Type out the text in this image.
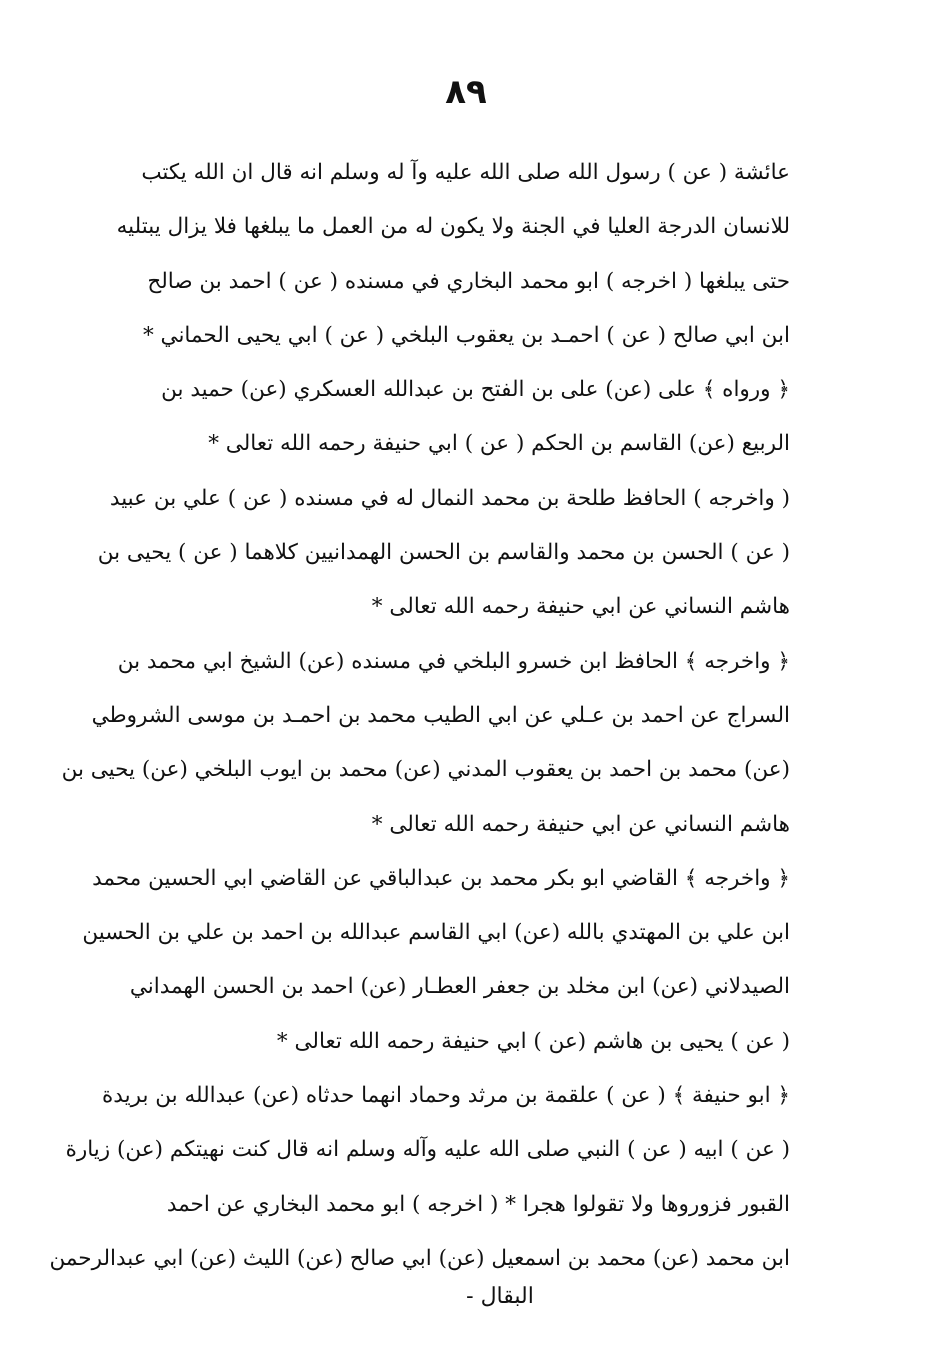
٨٩
عائشة ( عن ) رسول الله صلى الله عليه وآ له وسلم انه قال ان الله يكتب
للانسان الدرجة العليا في الجنة ولا يكون له من العمل ما يبلغها فلا يزال يبتليه
حتى يبلغها ( اخرجه ) ابو محمد البخاري في مسنده ( عن ) احمد بن صالح
ابن ابي صالح ( عن ) احمـد بن يعقوب البلخي ( عن ) ابي يحيى الحماني *
﴿ ورواه ﴾ على (عن) على بن الفتح بن عبدالله العسكري (عن) حميد بن
الربيع (عن) القاسم بن الحكم ( عن ) ابي حنيفة رحمه الله تعالى *
( واخرجه ) الحافظ طلحة بن محمد النمال له في مسنده ( عن ) علي بن عبيد
( عن ) الحسن بن محمد والقاسم بن الحسن الهمدانيين كلاهما ( عن ) يحيى بن
هاشم النساني عن ابي حنيفة رحمه الله تعالى *
﴿ واخرجه ﴾ الحافظ ابن خسرو البلخي في مسنده (عن) الشيخ ابي محمد بن
السراج عن احمد بن عـلي عن ابي الطيب محمد بن احمـد بن موسى الشروطي
(عن) محمد بن احمد بن يعقوب المدني (عن) محمد بن ايوب البلخي (عن) يحيى بن
هاشم النساني عن ابي حنيفة رحمه الله تعالى *
﴿ واخرجه ﴾ القاضي ابو بكر محمد بن عبدالباقي عن القاضي ابي الحسين محمد
ابن علي بن المهتدي بالله (عن) ابي القاسم عبدالله بن احمد بن علي بن الحسين
الصيدلاني (عن) ابن مخلد بن جعفر العطـار (عن) احمد بن الحسن الهمداني
( عن ) يحيى بن هاشم (عن ) ابي حنيفة رحمه الله تعالى *
﴿ ابو حنيفة ﴾ ( عن ) علقمة بن مرثد وحماد انهما حدثاه (عن) عبدالله بن بريدة
( عن ) ابيه ( عن ) النبي صلى الله عليه وآله وسلم انه قال كنت نهيتكم (عن) زيارة
القبور فزوروها ولا تقولوا هجرا * ( اخرجه ) ابو محمد البخاري عن احمد
ابن محمد (عن) محمد بن اسمعيل (عن) ابي صالح (عن) الليث (عن) ابي عبدالرحمن
البقال -
